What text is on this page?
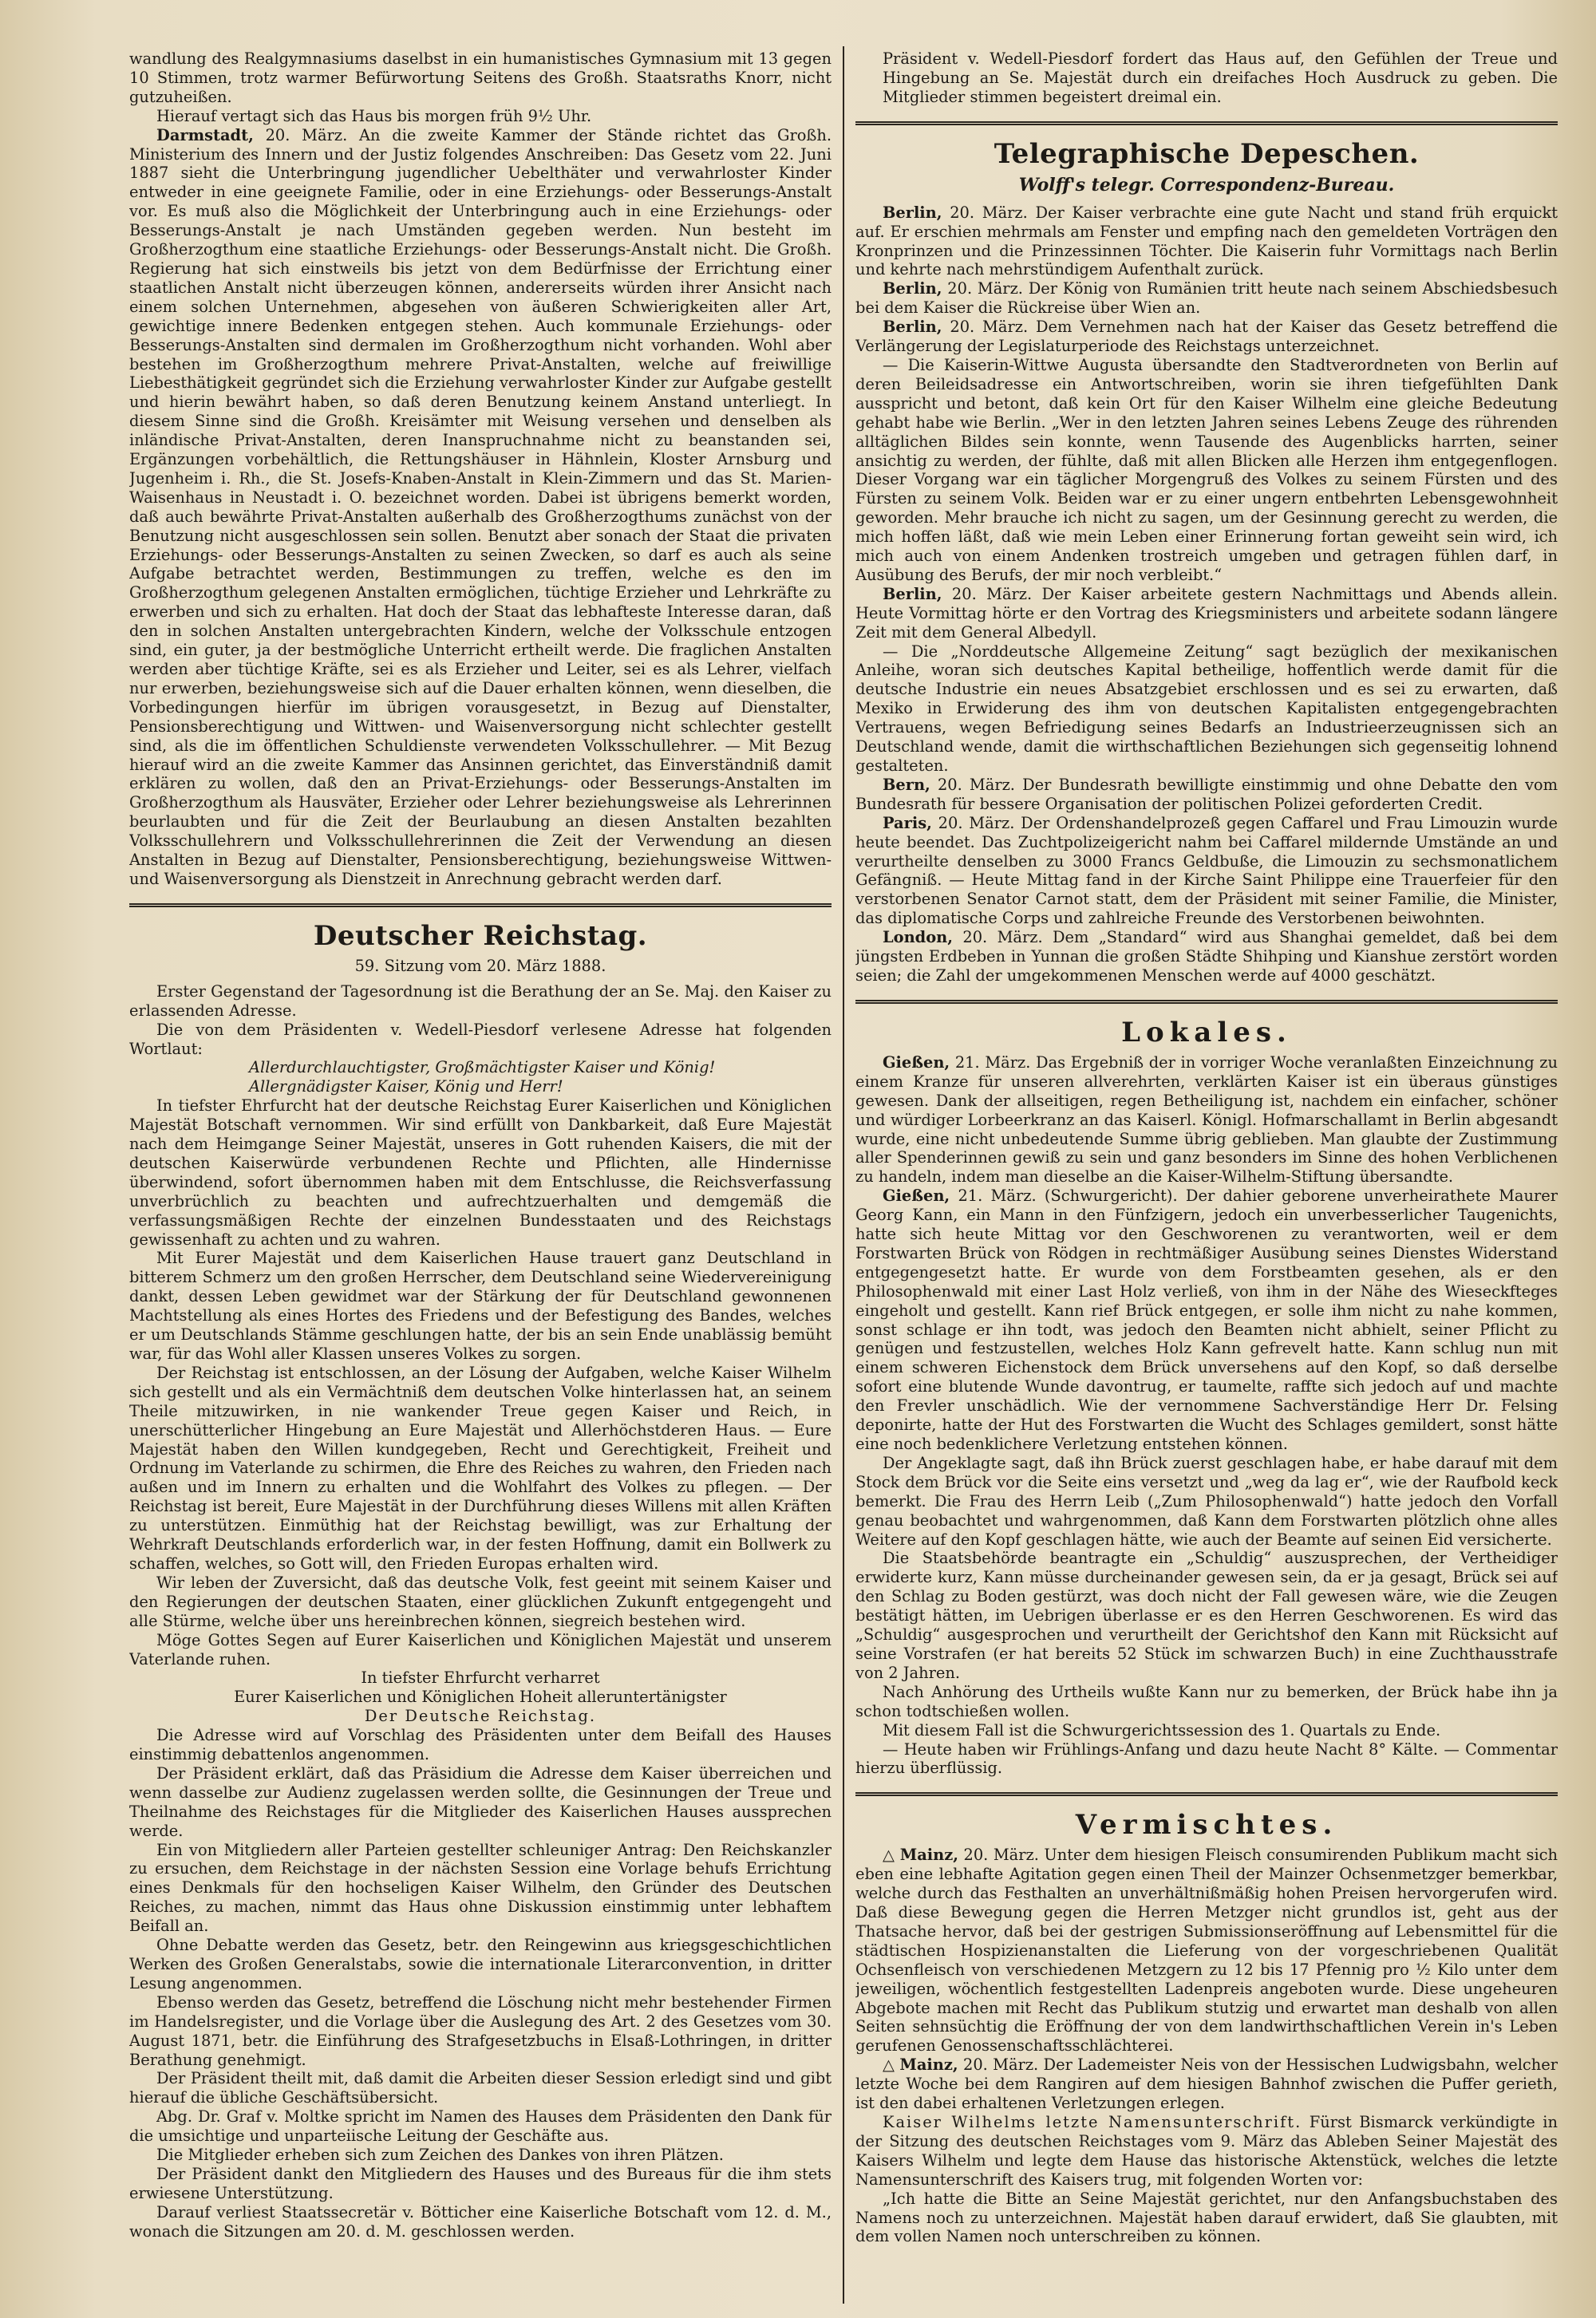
wandlung des Realgymnasiums daselbst in ein humanistisches Gymnasium mit 13 gegen 10 Stimmen, trotz warmer Befürwortung Seitens des Großh. Staatsraths Knorr, nicht gutzuheißen.

Hierauf vertagt sich das Haus bis morgen früh 9½ Uhr.

Darmstadt, 20. März. An die zweite Kammer der Stände richtet das Großh. Ministerium des Innern und der Justiz folgendes Anschreiben: Das Gesetz vom 22. Juni 1887 sieht die Unterbringung jugendlicher Uebelthäter und verwahrloster Kinder entweder in eine geeignete Familie, oder in eine Erziehungs- oder Besserungs-Anstalt vor. Es muß also die Möglichkeit der Unterbringung auch in eine Erziehungs- oder Besserungs-Anstalt je nach Umständen gegeben werden. Nun besteht im Großherzogthum eine staatliche Erziehungs- oder Besserungs-Anstalt nicht. Die Großh. Regierung hat sich einstweils bis jetzt von dem Bedürfnisse der Errichtung einer staatlichen Anstalt nicht überzeugen können, andererseits würden ihrer Ansicht nach einem solchen Unternehmen, abgesehen von äußeren Schwierigkeiten aller Art, gewichtige innere Bedenken entgegen stehen. Auch kommunale Erziehungs- oder Besserungs-Anstalten sind dermalen im Großherzogthum nicht vorhanden. Wohl aber bestehen im Großherzogthum mehrere Privat-Anstalten, welche auf freiwillige Liebesthätigkeit gegründet sich die Erziehung verwahrloster Kinder zur Aufgabe gestellt und hierin bewährt haben, so daß deren Benutzung keinem Anstand unterliegt. In diesem Sinne sind die Großh. Kreisämter mit Weisung versehen und denselben als inländische Privat-Anstalten, deren Inanspruchnahme nicht zu beanstanden sei, Ergänzungen vorbehältlich, die Rettungshäuser in Hähnlein, Kloster Arnsburg und Jugenheim i. Rh., die St. Josefs-Knaben-Anstalt in Klein-Zimmern und das St. Marien-Waisenhaus in Neustadt i. O. bezeichnet worden. Dabei ist übrigens bemerkt worden, daß auch bewährte Privat-Anstalten außerhalb des Großherzogthums zunächst von der Benutzung nicht ausgeschlossen sein sollen. Benutzt aber sonach der Staat die privaten Erziehungs- oder Besserungs-Anstalten zu seinen Zwecken, so darf es auch als seine Aufgabe betrachtet werden, Bestimmungen zu treffen, welche es den im Großherzogthum gelegenen Anstalten ermöglichen, tüchtige Erzieher und Lehrkräfte zu erwerben und sich zu erhalten. Hat doch der Staat das lebhafteste Interesse daran, daß den in solchen Anstalten untergebrachten Kindern, welche der Volksschule entzogen sind, ein guter, ja der bestmögliche Unterricht ertheilt werde. Die fraglichen Anstalten werden aber tüchtige Kräfte, sei es als Erzieher und Leiter, sei es als Lehrer, vielfach nur erwerben, beziehungsweise sich auf die Dauer erhalten können, wenn dieselben, die Vorbedingungen hierfür im übrigen vorausgesetzt, in Bezug auf Dienstalter, Pensionsberechtigung und Wittwen- und Waisenversorgung nicht schlechter gestellt sind, als die im öffentlichen Schuldienste verwendeten Volksschullehrer. — Mit Bezug hierauf wird an die zweite Kammer das Ansinnen gerichtet, das Einverständniß damit erklären zu wollen, daß den an Privat-Erziehungs- oder Besserungs-Anstalten im Großherzogthum als Hausväter, Erzieher oder Lehrer beziehungsweise als Lehrerinnen beurlaubten und für die Zeit der Beurlaubung an diesen Anstalten bezahlten Volksschullehrern und Volksschullehrerinnen die Zeit der Verwendung an diesen Anstalten in Bezug auf Dienstalter, Pensionsberechtigung, beziehungsweise Wittwen- und Waisenversorgung als Dienstzeit in Anrechnung gebracht werden darf.

Deutscher Reichstag.

59. Sitzung vom 20. März 1888.

Erster Gegenstand der Tagesordnung ist die Berathung der an Se. Maj. den Kaiser zu erlassenden Adresse.

Die von dem Präsidenten v. Wedell-Piesdorf verlesene Adresse hat folgenden Wortlaut:

Allerdurchlauchtigster, Großmächtigster Kaiser und König!

Allergnädigster Kaiser, König und Herr!

In tiefster Ehrfurcht hat der deutsche Reichstag Eurer Kaiserlichen und Königlichen Majestät Botschaft vernommen. Wir sind erfüllt von Dankbarkeit, daß Eure Majestät nach dem Heimgange Seiner Majestät, unseres in Gott ruhenden Kaisers, die mit der deutschen Kaiserwürde verbundenen Rechte und Pflichten, alle Hindernisse überwindend, sofort übernommen haben mit dem Entschlusse, die Reichsverfassung unverbrüchlich zu beachten und aufrechtzuerhalten und demgemäß die verfassungsmäßigen Rechte der einzelnen Bundesstaaten und des Reichstags gewissenhaft zu achten und zu wahren.

Mit Eurer Majestät und dem Kaiserlichen Hause trauert ganz Deutschland in bitterem Schmerz um den großen Herrscher, dem Deutschland seine Wiedervereinigung dankt, dessen Leben gewidmet war der Stärkung der für Deutschland gewonnenen Machtstellung als eines Hortes des Friedens und der Befestigung des Bandes, welches er um Deutschlands Stämme geschlungen hatte, der bis an sein Ende unablässig bemüht war, für das Wohl aller Klassen unseres Volkes zu sorgen.

Der Reichstag ist entschlossen, an der Lösung der Aufgaben, welche Kaiser Wilhelm sich gestellt und als ein Vermächtniß dem deutschen Volke hinterlassen hat, an seinem Theile mitzuwirken, in nie wankender Treue gegen Kaiser und Reich, in unerschütterlicher Hingebung an Eure Majestät und Allerhöchstderen Haus. — Eure Majestät haben den Willen kundgegeben, Recht und Gerechtigkeit, Freiheit und Ordnung im Vaterlande zu schirmen, die Ehre des Reiches zu wahren, den Frieden nach außen und im Innern zu erhalten und die Wohlfahrt des Volkes zu pflegen. — Der Reichstag ist bereit, Eure Majestät in der Durchführung dieses Willens mit allen Kräften zu unterstützen. Einmüthig hat der Reichstag bewilligt, was zur Erhaltung der Wehrkraft Deutschlands erforderlich war, in der festen Hoffnung, damit ein Bollwerk zu schaffen, welches, so Gott will, den Frieden Europas erhalten wird.

Wir leben der Zuversicht, daß das deutsche Volk, fest geeint mit seinem Kaiser und den Regierungen der deutschen Staaten, einer glücklichen Zukunft entgegengeht und alle Stürme, welche über uns hereinbrechen können, siegreich bestehen wird.

Möge Gottes Segen auf Eurer Kaiserlichen und Königlichen Majestät und unserem Vaterlande ruhen.

In tiefster Ehrfurcht verharret

Eurer Kaiserlichen und Königlichen Hoheit alleruntertänigster

Der Deutsche Reichstag.

Die Adresse wird auf Vorschlag des Präsidenten unter dem Beifall des Hauses einstimmig debattenlos angenommen.

Der Präsident erklärt, daß das Präsidium die Adresse dem Kaiser überreichen und wenn dasselbe zur Audienz zugelassen werden sollte, die Gesinnungen der Treue und Theilnahme des Reichstages für die Mitglieder des Kaiserlichen Hauses aussprechen werde.

Ein von Mitgliedern aller Parteien gestellter schleuniger Antrag: Den Reichskanzler zu ersuchen, dem Reichstage in der nächsten Session eine Vorlage behufs Errichtung eines Denkmals für den hochseligen Kaiser Wilhelm, den Gründer des Deutschen Reiches, zu machen, nimmt das Haus ohne Diskussion einstimmig unter lebhaftem Beifall an.

Ohne Debatte werden das Gesetz, betr. den Reingewinn aus kriegsgeschichtlichen Werken des Großen Generalstabs, sowie die internationale Literarconvention, in dritter Lesung angenommen.

Ebenso werden das Gesetz, betreffend die Löschung nicht mehr bestehender Firmen im Handelsregister, und die Vorlage über die Auslegung des Art. 2 des Gesetzes vom 30. August 1871, betr. die Einführung des Strafgesetzbuchs in Elsaß-Lothringen, in dritter Berathung genehmigt.

Der Präsident theilt mit, daß damit die Arbeiten dieser Session erledigt sind und gibt hierauf die übliche Geschäftsübersicht.

Abg. Dr. Graf v. Moltke spricht im Namen des Hauses dem Präsidenten den Dank für die umsichtige und unparteiische Leitung der Geschäfte aus.

Die Mitglieder erheben sich zum Zeichen des Dankes von ihren Plätzen.

Der Präsident dankt den Mitgliedern des Hauses und des Bureaus für die ihm stets erwiesene Unterstützung.

Darauf verliest Staatssecretär v. Bötticher eine Kaiserliche Botschaft vom 12. d. M., wonach die Sitzungen am 20. d. M. geschlossen werden.

Präsident v. Wedell-Piesdorf fordert das Haus auf, den Gefühlen der Treue und Hingebung an Se. Majestät durch ein dreifaches Hoch Ausdruck zu geben. Die Mitglieder stimmen begeistert dreimal ein.

Telegraphische Depeschen.
Wolff's telegr. Correspondenz-Bureau.

Berlin, 20. März. Der Kaiser verbrachte eine gute Nacht und stand früh erquickt auf. Er erschien mehrmals am Fenster und empfing nach den gemeldeten Vorträgen den Kronprinzen und die Prinzessinnen Töchter. Die Kaiserin fuhr Vormittags nach Berlin und kehrte nach mehrstündigem Aufenthalt zurück.

Berlin, 20. März. Der König von Rumänien tritt heute nach seinem Abschiedsbesuch bei dem Kaiser die Rückreise über Wien an.

Berlin, 20. März. Dem Vernehmen nach hat der Kaiser das Gesetz betreffend die Verlängerung der Legislaturperiode des Reichstags unterzeichnet.

— Die Kaiserin-Wittwe Augusta übersandte den Stadtverordneten von Berlin auf deren Beileidsadresse ein Antwortschreiben, worin sie ihren tiefgefühlten Dank ausspricht und betont, daß kein Ort für den Kaiser Wilhelm eine gleiche Bedeutung gehabt habe wie Berlin. „Wer in den letzten Jahren seines Lebens Zeuge des rührenden alltäglichen Bildes sein konnte, wenn Tausende des Augenblicks harrten, seiner ansichtig zu werden, der fühlte, daß mit allen Blicken alle Herzen ihm entgegenflogen. Dieser Vorgang war ein täglicher Morgengruß des Volkes zu seinem Fürsten und des Fürsten zu seinem Volk. Beiden war er zu einer ungern entbehrten Lebensgewohnheit geworden. Mehr brauche ich nicht zu sagen, um der Gesinnung gerecht zu werden, die mich hoffen läßt, daß wie mein Leben einer Erinnerung fortan geweiht sein wird, ich mich auch von einem Andenken trostreich umgeben und getragen fühlen darf, in Ausübung des Berufs, der mir noch verbleibt.“

Berlin, 20. März. Der Kaiser arbeitete gestern Nachmittags und Abends allein. Heute Vormittag hörte er den Vortrag des Kriegsministers und arbeitete sodann längere Zeit mit dem General Albedyll.

— Die „Norddeutsche Allgemeine Zeitung“ sagt bezüglich der mexikanischen Anleihe, woran sich deutsches Kapital betheilige, hoffentlich werde damit für die deutsche Industrie ein neues Absatzgebiet erschlossen und es sei zu erwarten, daß Mexiko in Erwiderung des ihm von deutschen Kapitalisten entgegengebrachten Vertrauens, wegen Befriedigung seines Bedarfs an Industrieerzeugnissen sich an Deutschland wende, damit die wirthschaftlichen Beziehungen sich gegenseitig lohnend gestalteten.

Bern, 20. März. Der Bundesrath bewilligte einstimmig und ohne Debatte den vom Bundesrath für bessere Organisation der politischen Polizei geforderten Credit.

Paris, 20. März. Der Ordenshandelprozeß gegen Caffarel und Frau Limouzin wurde heute beendet. Das Zuchtpolizeigericht nahm bei Caffarel mildernde Umstände an und verurtheilte denselben zu 3000 Francs Geldbuße, die Limouzin zu sechsmonatlichem Gefängniß. — Heute Mittag fand in der Kirche Saint Philippe eine Trauerfeier für den verstorbenen Senator Carnot statt, dem der Präsident mit seiner Familie, die Minister, das diplomatische Corps und zahlreiche Freunde des Verstorbenen beiwohnten.

London, 20. März. Dem „Standard“ wird aus Shanghai gemeldet, daß bei dem jüngsten Erdbeben in Yunnan die großen Städte Shihping und Kianshue zerstört worden seien; die Zahl der umgekommenen Menschen werde auf 4000 geschätzt.

Lokales.

Gießen, 21. März. Das Ergebniß der in vorriger Woche veranlaßten Einzeichnung zu einem Kranze für unseren allverehrten, verklärten Kaiser ist ein überaus günstiges gewesen. Dank der allseitigen, regen Betheiligung ist, nachdem ein einfacher, schöner und würdiger Lorbeerkranz an das Kaiserl. Königl. Hofmarschallamt in Berlin abgesandt wurde, eine nicht unbedeutende Summe übrig geblieben. Man glaubte der Zustimmung aller Spenderinnen gewiß zu sein und ganz besonders im Sinne des hohen Verblichenen zu handeln, indem man dieselbe an die Kaiser-Wilhelm-Stiftung übersandte.

Gießen, 21. März. (Schwurgericht). Der dahier geborene unverheirathete Maurer Georg Kann, ein Mann in den Fünfzigern, jedoch ein unverbesserlicher Taugenichts, hatte sich heute Mittag vor den Geschworenen zu verantworten, weil er dem Forstwarten Brück von Rödgen in rechtmäßiger Ausübung seines Dienstes Widerstand entgegengesetzt hatte. Er wurde von dem Forstbeamten gesehen, als er den Philosophenwald mit einer Last Holz verließ, von ihm in der Nähe des Wieseckfteges eingeholt und gestellt. Kann rief Brück entgegen, er solle ihm nicht zu nahe kommen, sonst schlage er ihn todt, was jedoch den Beamten nicht abhielt, seiner Pflicht zu genügen und festzustellen, welches Holz Kann gefrevelt hatte. Kann schlug nun mit einem schweren Eichenstock dem Brück unversehens auf den Kopf, so daß derselbe sofort eine blutende Wunde davontrug, er taumelte, raffte sich jedoch auf und machte den Frevler unschädlich. Wie der vernommene Sachverständige Herr Dr. Felsing deponirte, hatte der Hut des Forstwarten die Wucht des Schlages gemildert, sonst hätte eine noch bedenklichere Verletzung entstehen können.

Der Angeklagte sagt, daß ihn Brück zuerst geschlagen habe, er habe darauf mit dem Stock dem Brück vor die Seite eins versetzt und „weg da lag er“, wie der Raufbold keck bemerkt. Die Frau des Herrn Leib („Zum Philosophenwald“) hatte jedoch den Vorfall genau beobachtet und wahrgenommen, daß Kann dem Forstwarten plötzlich ohne alles Weitere auf den Kopf geschlagen hätte, wie auch der Beamte auf seinen Eid versicherte.

Die Staatsbehörde beantragte ein „Schuldig“ auszusprechen, der Vertheidiger erwiderte kurz, Kann müsse durcheinander gewesen sein, da er ja gesagt, Brück sei auf den Schlag zu Boden gestürzt, was doch nicht der Fall gewesen wäre, wie die Zeugen bestätigt hätten, im Uebrigen überlasse er es den Herren Geschworenen. Es wird das „Schuldig“ ausgesprochen und verurtheilt der Gerichtshof den Kann mit Rücksicht auf seine Vorstrafen (er hat bereits 52 Stück im schwarzen Buch) in eine Zuchthausstrafe von 2 Jahren.

Nach Anhörung des Urtheils wußte Kann nur zu bemerken, der Brück habe ihn ja schon todtschießen wollen.

Mit diesem Fall ist die Schwurgerichtssession des 1. Quartals zu Ende.

— Heute haben wir Frühlings-Anfang und dazu heute Nacht 8° Kälte. — Commentar hierzu überflüssig.

Vermischtes.

△ Mainz, 20. März. Unter dem hiesigen Fleisch consumirenden Publikum macht sich eben eine lebhafte Agitation gegen einen Theil der Mainzer Ochsenmetzger bemerkbar, welche durch das Festhalten an unverhältnißmäßig hohen Preisen hervorgerufen wird. Daß diese Bewegung gegen die Herren Metzger nicht grundlos ist, geht aus der Thatsache hervor, daß bei der gestrigen Submissionseröffnung auf Lebensmittel für die städtischen Hospizienanstalten die Lieferung von der vorgeschriebenen Qualität Ochsenfleisch von verschiedenen Metzgern zu 12 bis 17 Pfennig pro ½ Kilo unter dem jeweiligen, wöchentlich festgestellten Ladenpreis angeboten wurde. Diese ungeheuren Abgebote machen mit Recht das Publikum stutzig und erwartet man deshalb von allen Seiten sehnsüchtig die Eröffnung der von dem landwirthschaftlichen Verein in's Leben gerufenen Genossenschaftsschlächterei.

△ Mainz, 20. März. Der Lademeister Neis von der Hessischen Ludwigsbahn, welcher letzte Woche bei dem Rangiren auf dem hiesigen Bahnhof zwischen die Puffer gerieth, ist den dabei erhaltenen Verletzungen erlegen.

Kaiser Wilhelms letzte Namensunterschrift. Fürst Bismarck verkündigte in der Sitzung des deutschen Reichstages vom 9. März das Ableben Seiner Majestät des Kaisers Wilhelm und legte dem Hause das historische Aktenstück, welches die letzte Namensunterschrift des Kaisers trug, mit folgenden Worten vor:

„Ich hatte die Bitte an Seine Majestät gerichtet, nur den Anfangsbuchstaben des Namens noch zu unterzeichnen. Majestät haben darauf erwidert, daß Sie glaubten, mit dem vollen Namen noch unterschreiben zu können.
